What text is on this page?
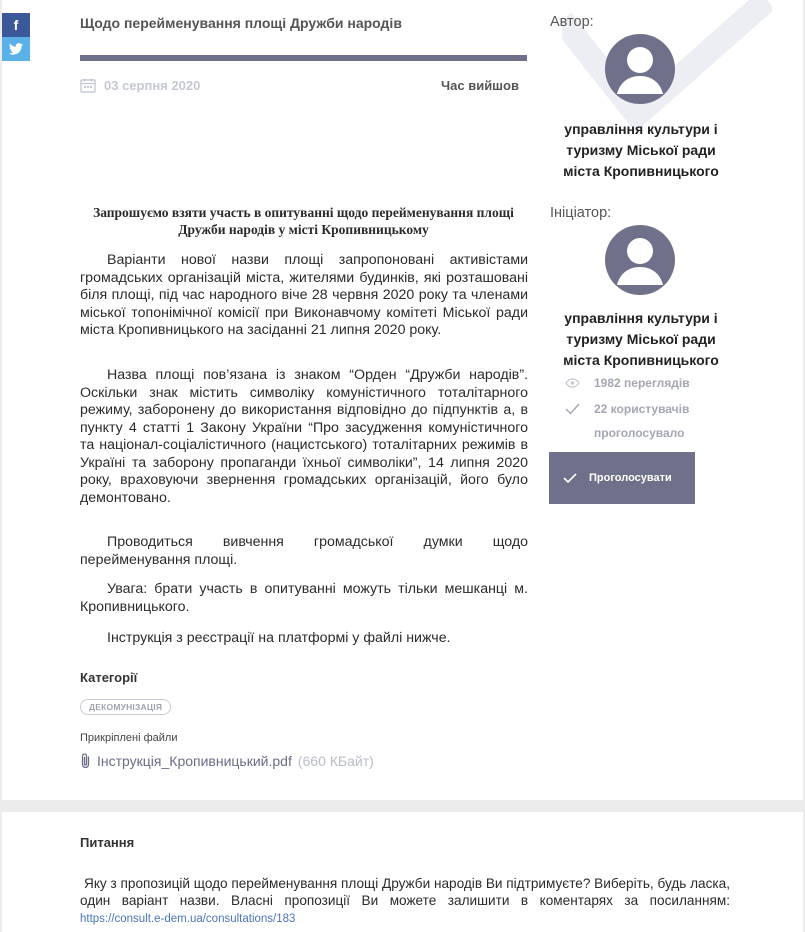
f	Щодо перейменування площі Дружби народів
03 серпня 2020	Час вийшов
Запрошуємо взяти участь в опитуванні щодо перейменування площі Дружби народів у місті Кропивницькому

Варіанти нової назви площі запропоновані активістами громадських організацій міста, жителями будинків, які розташовані біля площі, під час народного віче 28 червня 2020 року та членами міської топонімічної комісії при Виконавчому комітеті Міської ради міста Кропивницького на засіданні 21 липня 2020 року.

Назва площі пов’язана із знаком “Орден “Дружби народів”. Оскільки знак містить символіку комуністичного тоталітарного режиму, заборонену до використання відповідно до підпунктів а, в пункту 4 статті 1 Закону України “Про засудження комуністичного та націонал-соціалістичного (нацистського) тоталітарних режимів в Україні та заборону пропаганди їхньої символіки”, 14 липня 2020 року, враховуючи звернення громадських організацій, його було демонтовано.

Проводиться вивчення громадської думки щодо перейменування площі.

Увага: брати участь в опитуванні можуть тільки мешканці м. Кропивницького.

Інструкція з реєстрації на платформі у файлі нижче.

Категорії
ДЕКОМУНІЗАЦІЯ
Прикріплені файли
Інструкція_Кропивницький.pdf (660 КБайт)
Автор:
управління культури і туризму Міської ради міста Кропивницького
Ініціатор:
управління культури і туризму Міської ради міста Кропивницького
1982 переглядів
22 користувачів
проголосувало
Проголосувати
Питання
Яку з пропозицій щодо перейменування площі Дружби народів Ви підтримуєте? Виберіть, будь ласка, один варіант назви. Власні пропозиції Ви можете залишити в коментарях за посиланням: https://consult.e-dem.ua/consultations/183
